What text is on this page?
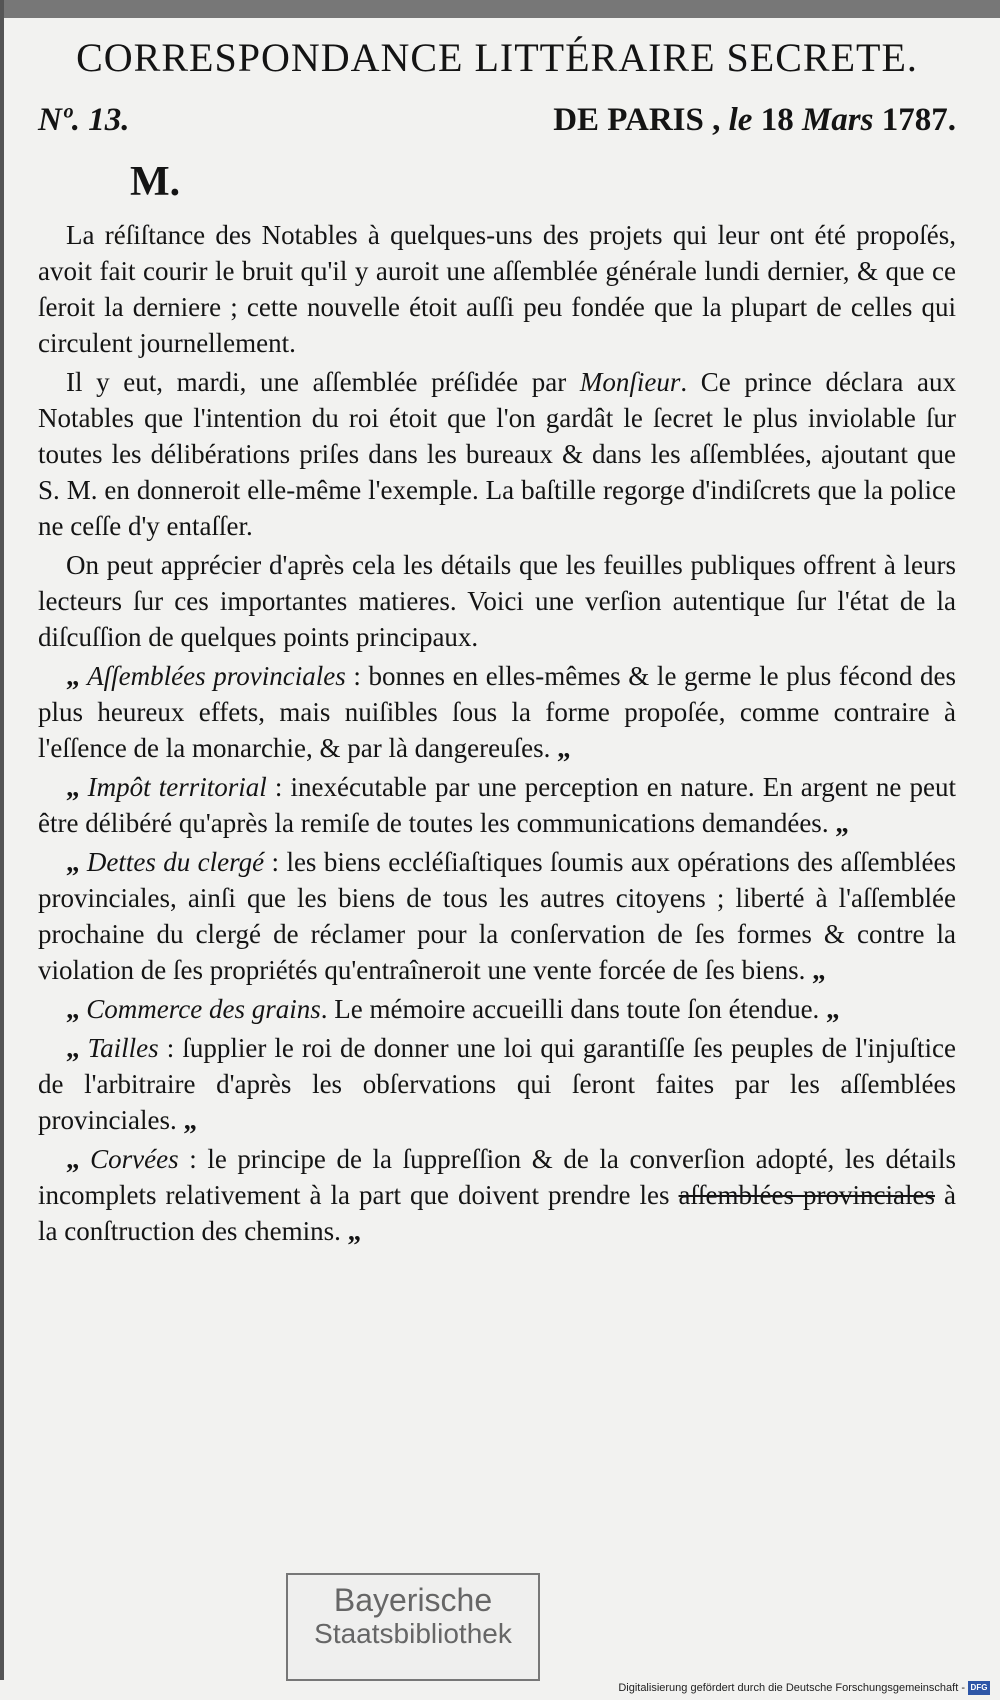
CORRESPONDANCE LITTÉRAIRE SECRETE.
Nº. 13.	DE PARIS , le 18 Mars 1787.
M.

La réſiſtance des Notables à quelques-uns des projets qui leur ont été propoſés, avoit fait courir le bruit qu'il y auroit une aſſemblée générale lundi dernier, & que ce ſeroit la derniere ; cette nouvelle étoit auſſi peu fondée que la plupart de celles qui circulent journellement.

Il y eut, mardi, une aſſemblée préſidée par Monſieur. Ce prince déclara aux Notables que l'intention du roi étoit que l'on gardât le ſecret le plus inviolable ſur toutes les délibérations priſes dans les bureaux & dans les aſſemblées, ajoutant que S. M. en donneroit elle-même l'exemple. La baſtille regorge d'indiſcrets que la police ne ceſſe d'y entaſſer.

On peut apprécier d'après cela les détails que les feuilles publiques offrent à leurs lecteurs ſur ces importantes matieres. Voici une verſion autentique ſur l'état de la diſcuſſion de quelques points principaux.

„ Aſſemblées provinciales : bonnes en elles-mêmes & le germe le plus fécond des plus heureux effets, mais nuiſibles ſous la forme propoſée, comme contraire à l'eſſence de la monarchie, & par là dangereuſes. „

„ Impôt territorial : inexécutable par une perception en nature. En argent ne peut être délibéré qu'après la remiſe de toutes les communications demandées. „

„ Dettes du clergé : les biens eccléſiaſtiques ſoumis aux opérations des aſſemblées provinciales, ainſi que les biens de tous les autres citoyens ; liberté à l'aſſemblée prochaine du clergé de réclamer pour la conſervation de ſes formes & contre la violation de ſes propriétés qu'entraîneroit une vente forcée de ſes biens. „

„ Commerce des grains. Le mémoire accueilli dans toute ſon étendue. „

„ Tailles : ſupplier le roi de donner une loi qui garantiſſe ſes peuples de l'injuſtice de l'arbitraire d'après les obſervations qui ſeront faites par les aſſemblées provinciales. „

„ Corvées : le principe de la ſuppreſſion & de la converſion adopté, les détails incomplets relativement à la part que doivent prendre les aſſemblées provinciales à la conſtruction des chemins. „

Bayerische
Staatsbibliothek
Digitalisierung gefördert durch die Deutsche Forschungsgemeinschaft - DFG
